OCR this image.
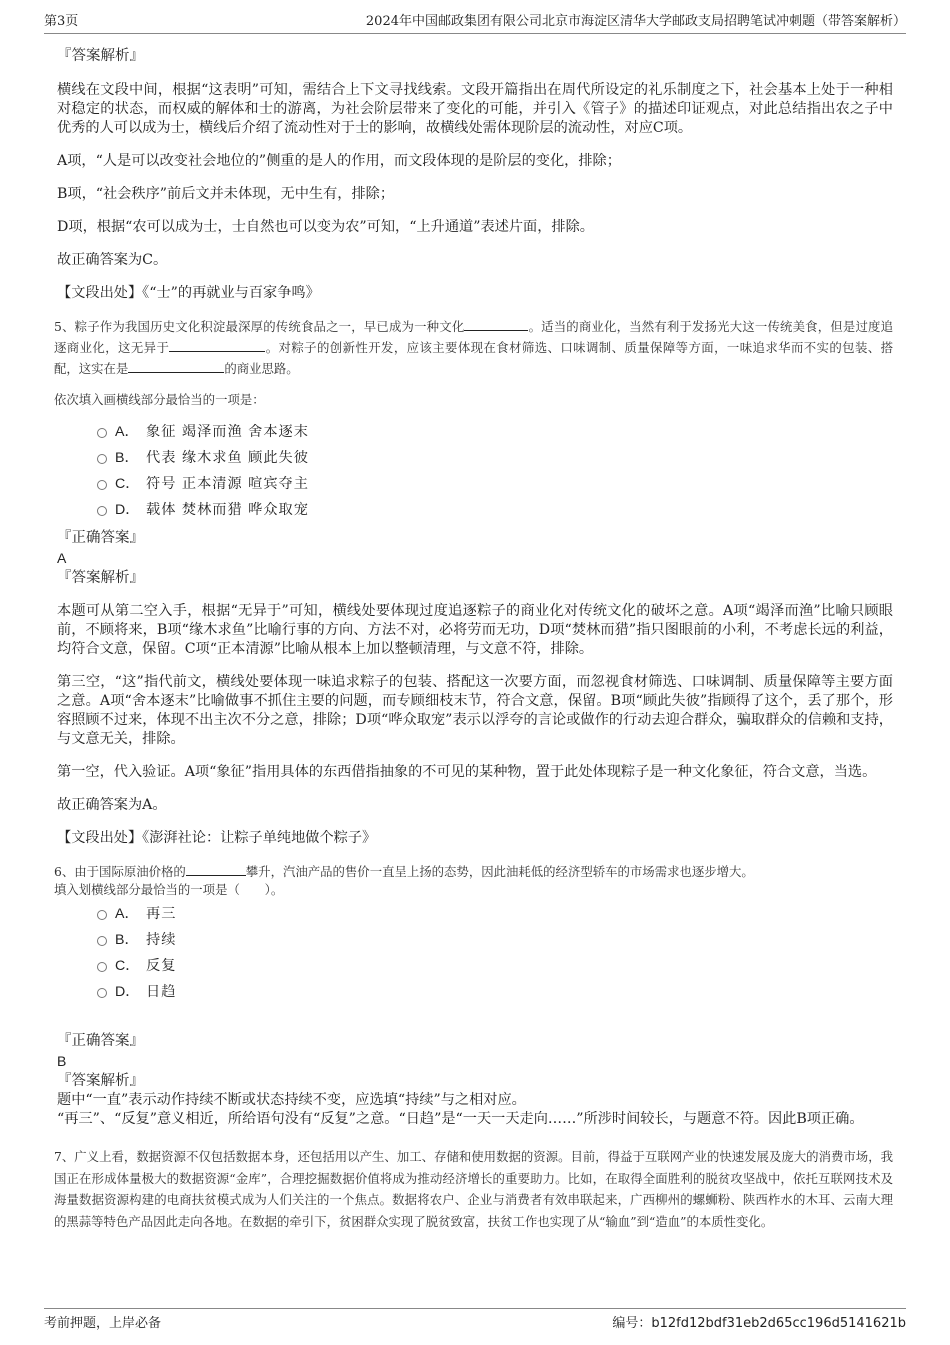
第3页	2024年中国邮政集团有限公司北京市海淀区清华大学邮政支局招聘笔试冲刺题（带答案解析）

『答案解析』

横线在文段中间，根据“这表明”可知，需结合上下文寻找线索。文段开篇指出在周代所设定的礼乐制度之下，社会基本上处于一种相对稳定的状态，而权威的解体和士的游离，为社会阶层带来了变化的可能，并引入《管子》的描述印证观点，对此总结指出农之子中优秀的人可以成为士，横线后介绍了流动性对于士的影响，故横线处需体现阶层的流动性，对应C项。

A项，“人是可以改变社会地位的”侧重的是人的作用，而文段体现的是阶层的变化，排除；

B项，“社会秩序”前后文并未体现，无中生有，排除；

D项，根据“农可以成为士，士自然也可以变为农”可知，“上升通道”表述片面，排除。

故正确答案为C。

【文段出处】《“士”的再就业与百家争鸣》

5、粽子作为我国历史文化积淀最深厚的传统食品之一，早已成为一种文化	。适当的商业化，当然有利于发扬光大这一传统美食，但是过度追逐商业化，这无异于	。对粽子的创新性开发，应该主要体现在食材筛选、口味调制、质量保障等方面，一味追求华而不实的包装、搭配，这实在是	的商业思路。

依次填入画横线部分最恰当的一项是：

A． 象征 竭泽而渔 舍本逐末
B． 代表 缘木求鱼 顾此失彼
C． 符号 正本清源 喧宾夺主
D． 载体 焚林而猎 哗众取宠

『正确答案』

A

『答案解析』

本题可从第二空入手，根据“无异于”可知，横线处要体现过度追逐粽子的商业化对传统文化的破坏之意。A项“竭泽而渔”比喻只顾眼前，不顾将来，B项“缘木求鱼”比喻行事的方向、方法不对，必将劳而无功，D项“焚林而猎”指只图眼前的小利，不考虑长远的利益，均符合文意，保留。C项“正本清源”比喻从根本上加以整顿清理，与文意不符，排除。

第三空，“这”指代前文，横线处要体现一味追求粽子的包装、搭配这一次要方面，而忽视食材筛选、口味调制、质量保障等主要方面之意。A项“舍本逐末”比喻做事不抓住主要的问题，而专顾细枝末节，符合文意，保留。B项“顾此失彼”指顾得了这个，丢了那个，形容照顾不过来，体现不出主次不分之意，排除；D项“哗众取宠”表示以浮夸的言论或做作的行动去迎合群众，骗取群众的信赖和支持，与文意无关，排除。

第一空，代入验证。A项“象征”指用具体的东西借指抽象的不可见的某种物，置于此处体现粽子是一种文化象征，符合文意，当选。

故正确答案为A。

【文段出处】《澎湃社论：让粽子单纯地做个粽子》

6、由于国际原油价格的	攀升，汽油产品的售价一直呈上扬的态势，因此油耗低的经济型轿车的市场需求也逐步增大。

填入划横线部分最恰当的一项是（　　）。

A． 再三
B． 持续
C． 反复
D． 日趋

『正确答案』

B

『答案解析』

题中“一直”表示动作持续不断或状态持续不变，应选填“持续”与之相对应。

“再三”、“反复”意义相近，所给语句没有“反复”之意。“日趋”是“一天一天走向……”所涉时间较长，与题意不符。因此B项正确。

7、广义上看，数据资源不仅包括数据本身，还包括用以产生、加工、存储和使用数据的资源。目前，得益于互联网产业的快速发展及庞大的消费市场，我国正在形成体量极大的数据资源“金库”，合理挖掘数据价值将成为推动经济增长的重要助力。比如，在取得全面胜利的脱贫攻坚战中，依托互联网技术及海量数据资源构建的电商扶贫模式成为人们关注的一个焦点。数据将农户、企业与消费者有效串联起来，广西柳州的螺蛳粉、陕西柞水的木耳、云南大理的黑蒜等特色产品因此走向各地。在数据的牵引下，贫困群众实现了脱贫致富，扶贫工作也实现了从“输血”到“造血”的本质性变化。

考前押题，上岸必备	编号：b12fd12bdf31eb2d65cc196d5141621b
